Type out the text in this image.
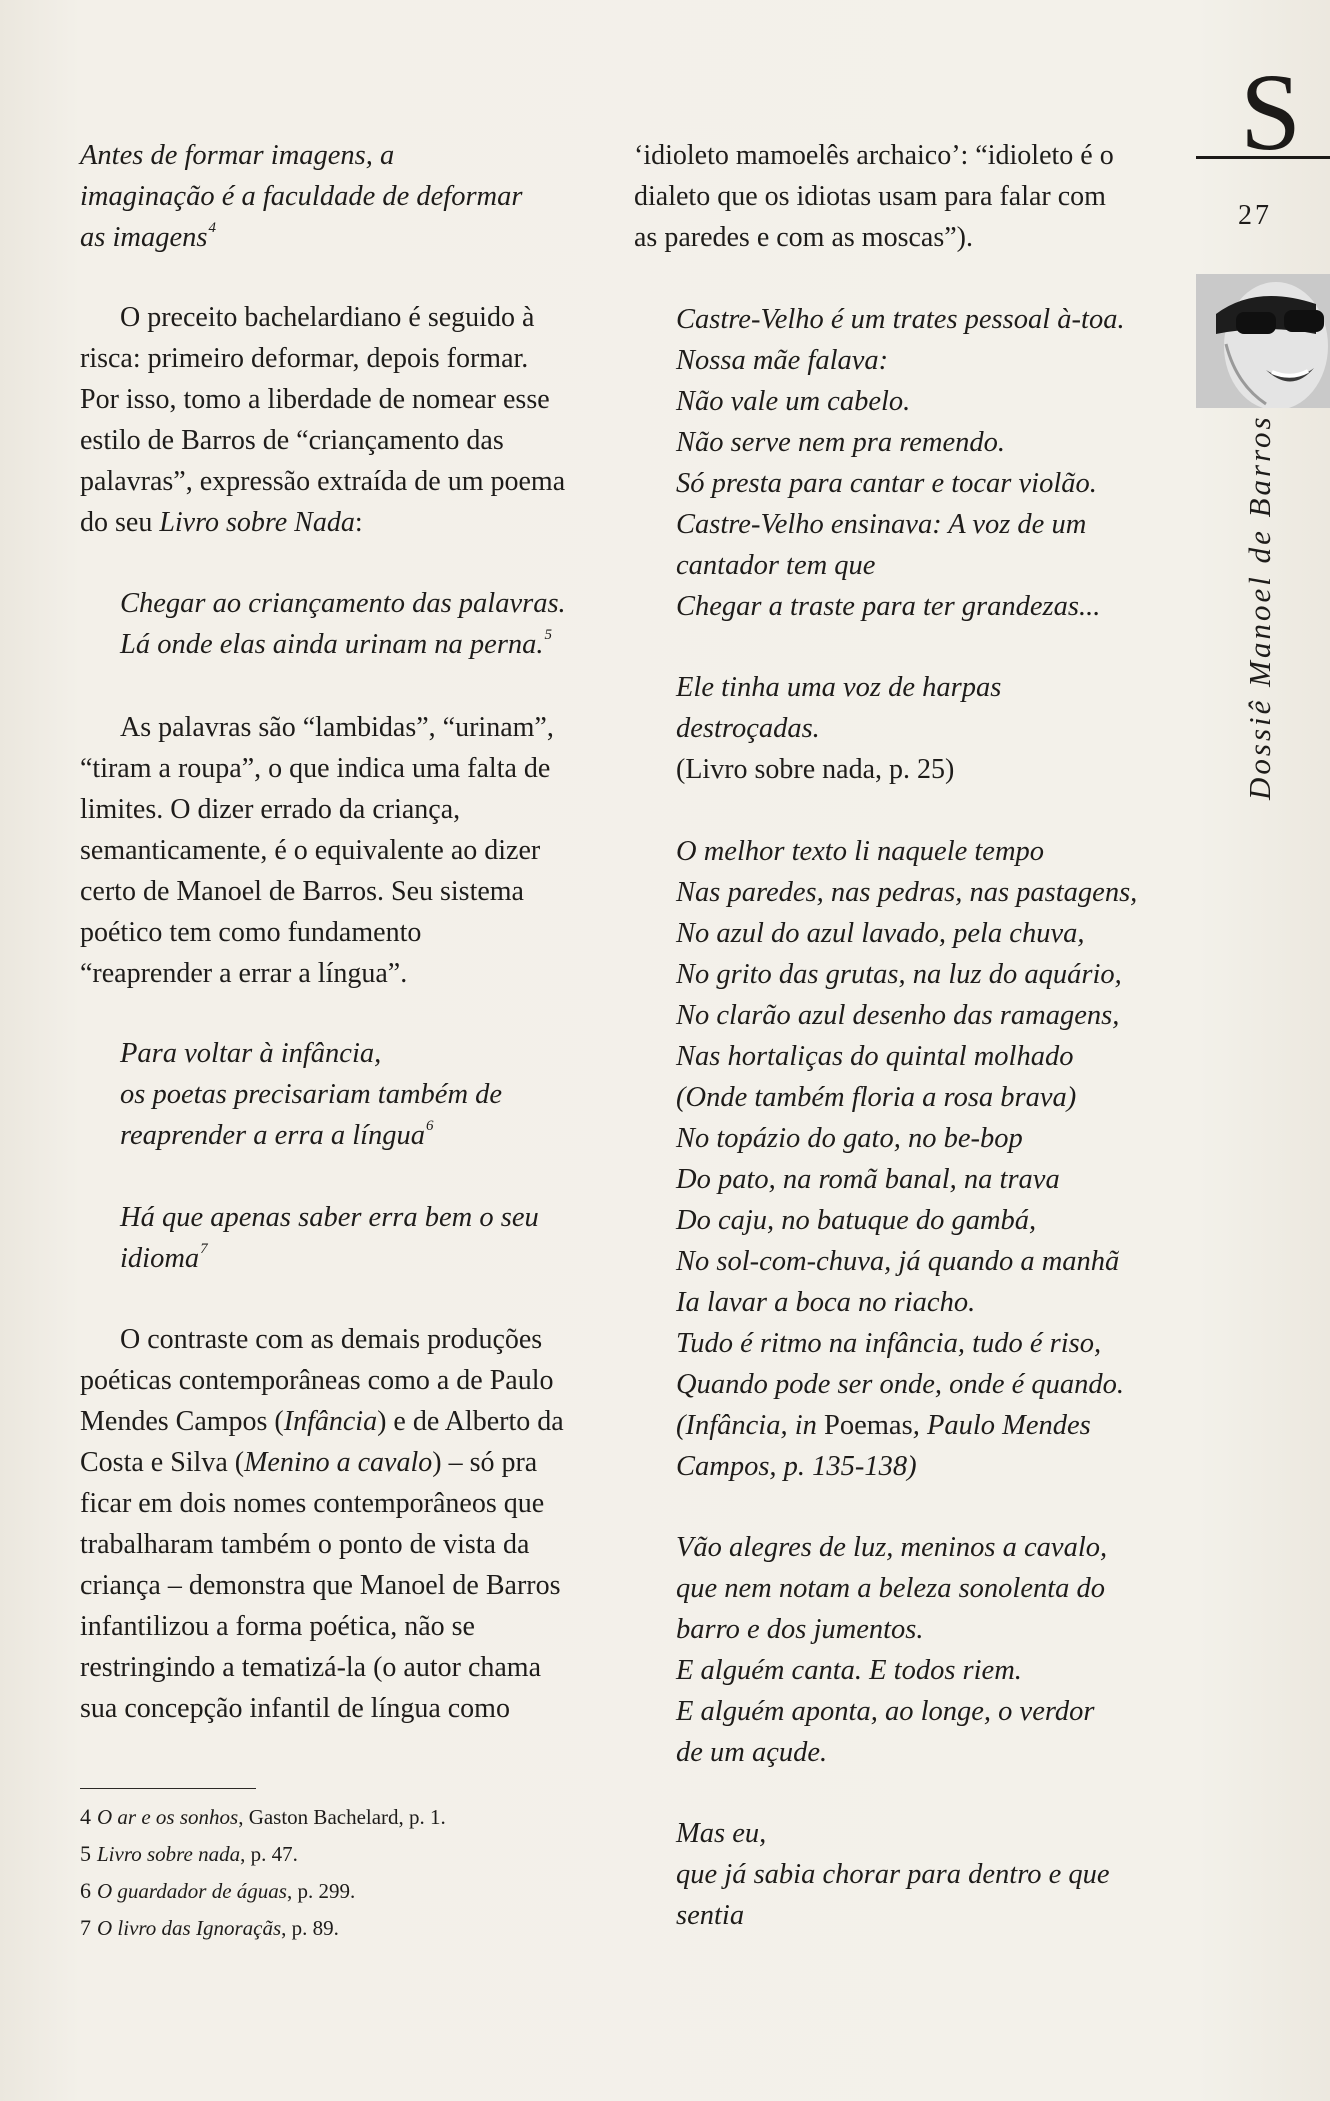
Antes de formar imagens, a
imaginação é a faculdade de deformar
as imagens$^4$
O preceito bachelardiano é seguido à
risca: primeiro deformar, depois formar.
Por isso, tomo a liberdade de nomear esse
estilo de Barros de “criançamento das
palavras”, expressão extraída de um poema
do seu Livro sobre Nada:
Chegar ao criançamento das palavras.
Lá onde elas ainda urinam na perna.$^5$
As palavras são “lambidas”, “urinam”,
“tiram a roupa”, o que indica uma falta de
limites. O dizer errado da criança,
semanticamente, é o equivalente ao dizer
certo de Manoel de Barros. Seu sistema
poético tem como fundamento
“reaprender a errar a língua”.
Para voltar à infância,
os poetas precisariam também de
reaprender a erra a língua$^6$
Há que apenas saber erra bem o seu
idioma$^7$
O contraste com as demais produções
poéticas contemporâneas como a de Paulo
Mendes Campos (Infância) e de Alberto da
Costa e Silva (Menino a cavalo) – só pra
ficar em dois nomes contemporâneos que
trabalharam também o ponto de vista da
criança – demonstra que Manoel de Barros
infantilizou a forma poética, não se
restringindo a tematizá-la (o autor chama
sua concepção infantil de língua como
4 O ar e os sonhos, Gaston Bachelard, p. 1.
5 Livro sobre nada, p. 47.
6 O guardador de águas, p. 299.
7 O livro das Ignoraçãs, p. 89.
‘idioleto mamoelês archaico’: “idioleto é o
dialeto que os idiotas usam para falar com
as paredes e com as moscas”).
Castre-Velho é um trates pessoal à-toa.
Nossa mãe falava:
Não vale um cabelo.
Não serve nem pra remendo.
Só presta para cantar e tocar violão.
Castre-Velho ensinava: A voz de um
cantador tem que
Chegar a traste para ter grandezas...
Ele tinha uma voz de harpas
destroçadas.
(Livro sobre nada, p. 25)
O melhor texto li naquele tempo
Nas paredes, nas pedras, nas pastagens,
No azul do azul lavado, pela chuva,
No grito das grutas, na luz do aquário,
No clarão azul desenho das ramagens,
Nas hortaliças do quintal molhado
(Onde também floria a rosa brava)
No topázio do gato, no be-bop
Do pato, na romã banal, na trava
Do caju, no batuque do gambá,
No sol-com-chuva, já quando a manhã
Ia lavar a boca no riacho.
Tudo é ritmo na infância, tudo é riso,
Quando pode ser onde, onde é quando.
(Infância, in Poemas, Paulo Mendes
Campos, p. 135-138)
Vão alegres de luz, meninos a cavalo,
que nem notam a beleza sonolenta do
barro e dos jumentos.
E alguém canta. E todos riem.
E alguém aponta, ao longe, o verdor
de um açude.
Mas eu,
que já sabia chorar para dentro e que
sentia
S
27
Dossiê Manoel de Barros
